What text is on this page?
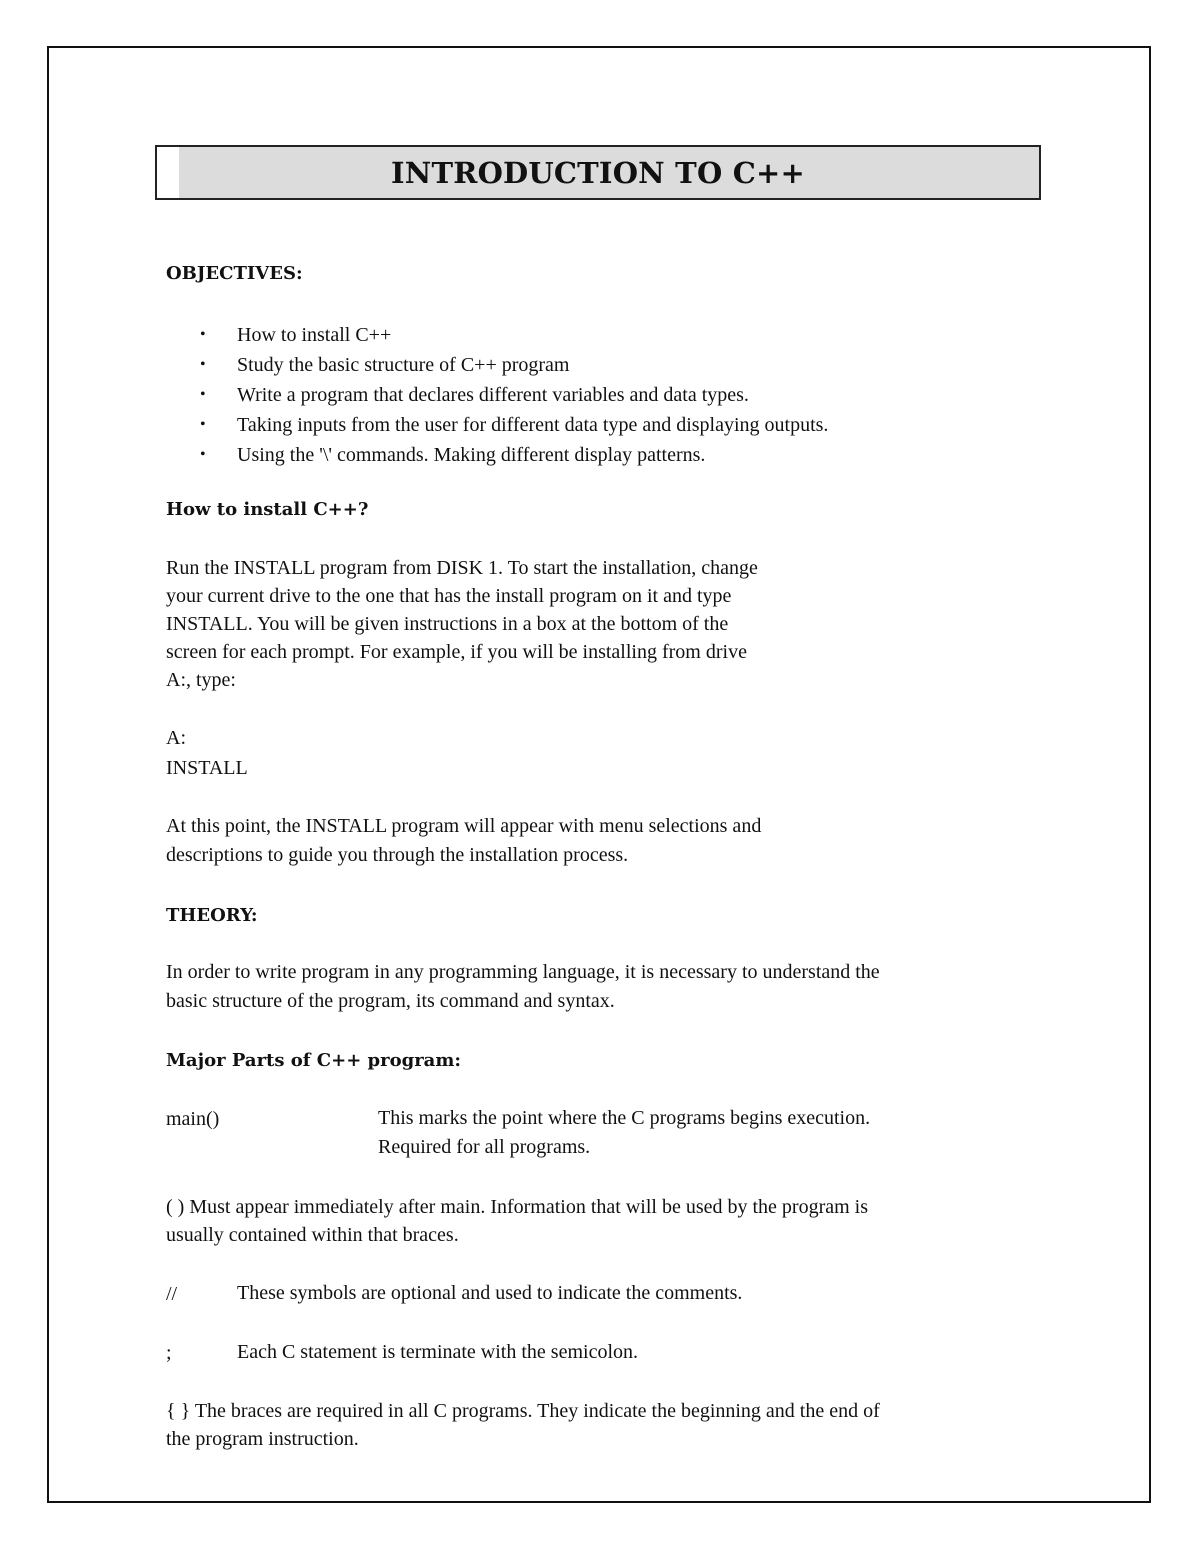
INTRODUCTION TO C++
OBJECTIVES:
• How to install C++
• Study the basic structure of C++ program
• Write a program that declares different variables and data types.
• Taking inputs from the user for different data type and displaying outputs.
• Using the '\' commands. Making different display patterns.
How to install C++?
Run the INSTALL program from DISK 1. To start the installation, change
your current drive to the one that has the install program on it and type
INSTALL. You will be given instructions in a box at the bottom of the
screen for each prompt. For example, if you will be installing from drive
A:, type:
A:
INSTALL
At this point, the INSTALL program will appear with menu selections and
descriptions to guide you through the installation process.
THEORY:
In order to write program in any programming language, it is necessary to understand the
basic structure of the program, its command and syntax.
Major Parts of C++ program:
main()	This marks the point where the C programs begins execution.
Required for all programs.
( ) Must appear immediately after main. Information that will be used by the program is
usually contained within that braces.
//	These symbols are optional and used to indicate the comments.
;	Each C statement is terminate with the semicolon.
{ } The braces are required in all C programs. They indicate the beginning and the end of
the program instruction.
